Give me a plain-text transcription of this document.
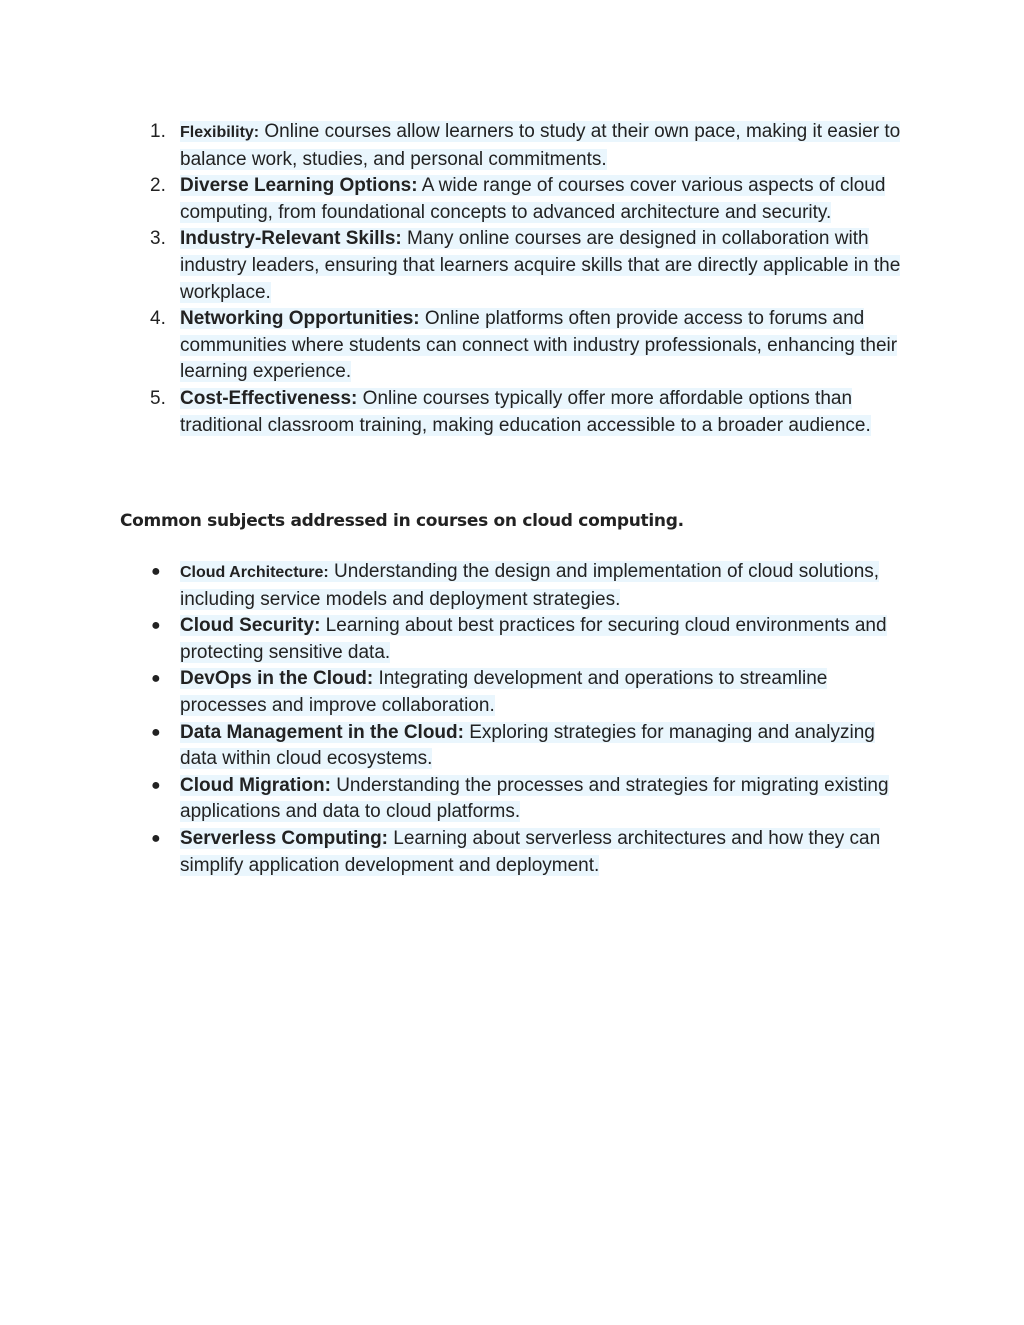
1. Flexibility: Online courses allow learners to study at their own pace, making it easier to balance work, studies, and personal commitments.
2. Diverse Learning Options: A wide range of courses cover various aspects of cloud computing, from foundational concepts to advanced architecture and security.
3. Industry-Relevant Skills: Many online courses are designed in collaboration with industry leaders, ensuring that learners acquire skills that are directly applicable in the workplace.
4. Networking Opportunities: Online platforms often provide access to forums and communities where students can connect with industry professionals, enhancing their learning experience.
5. Cost-Effectiveness: Online courses typically offer more affordable options than traditional classroom training, making education accessible to a broader audience.
Common subjects addressed in courses on cloud computing.
●	Cloud Architecture: Understanding the design and implementation of cloud solutions, including service models and deployment strategies.
●	Cloud Security: Learning about best practices for securing cloud environments and protecting sensitive data.
●	DevOps in the Cloud: Integrating development and operations to streamline processes and improve collaboration.
●	Data Management in the Cloud: Exploring strategies for managing and analyzing data within cloud ecosystems.
●	Cloud Migration: Understanding the processes and strategies for migrating existing applications and data to cloud platforms.
●	Serverless Computing: Learning about serverless architectures and how they can simplify application development and deployment.
